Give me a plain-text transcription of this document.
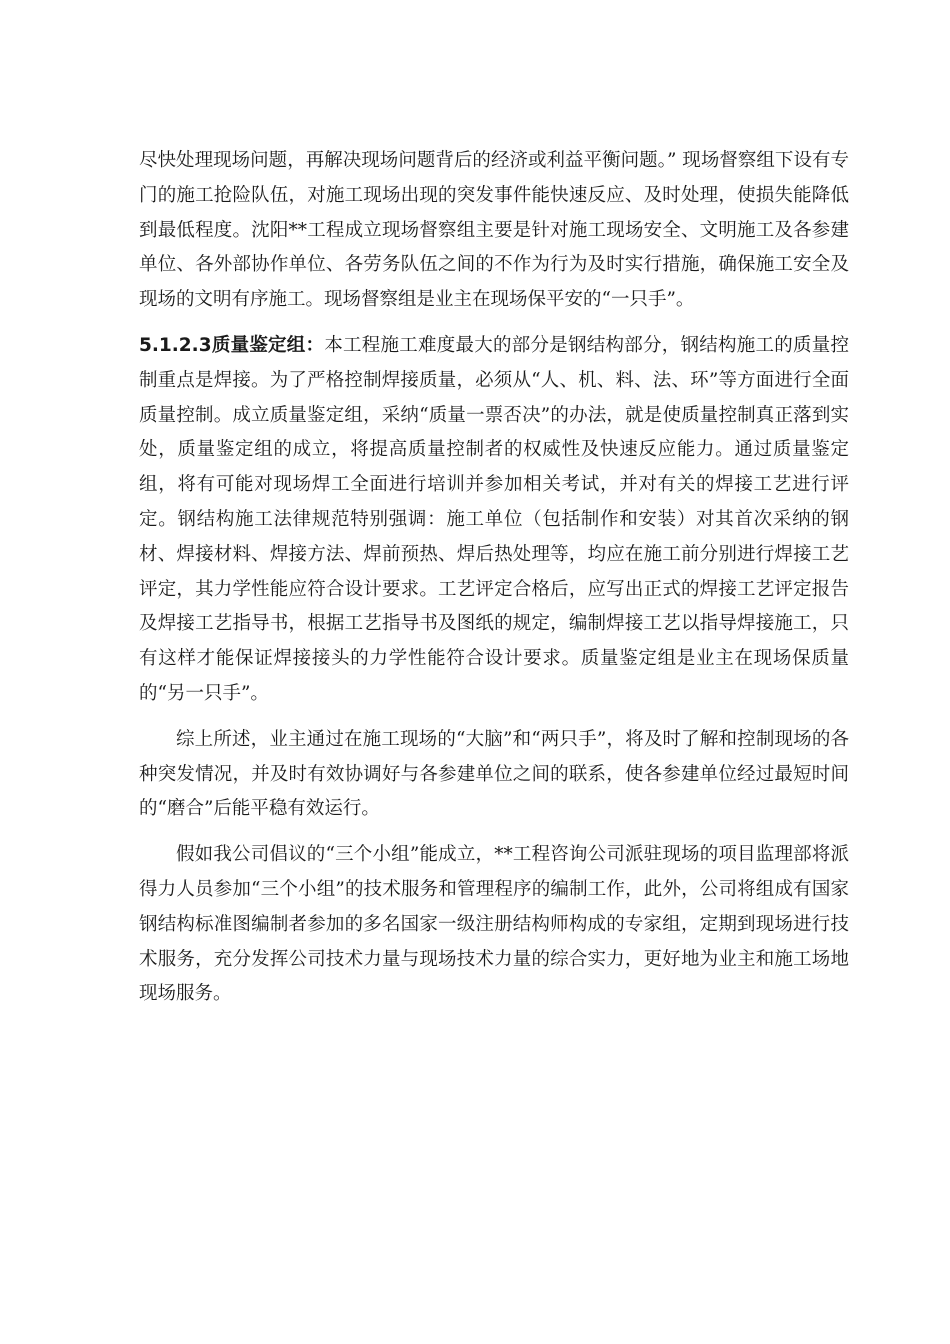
尽快处理现场问题，再解决现场问题背后的经济或利益平衡问题。” 现场督察组下设有专门的施工抢险队伍，对施工现场出现的突发事件能快速反应、及时处理，使损失能降低到最低程度。沈阳**工程成立现场督察组主要是针对施工现场安全、文明施工及各参建单位、各外部协作单位、各劳务队伍之间的不作为行为及时实行措施，确保施工安全及现场的文明有序施工。现场督察组是业主在现场保平安的“一只手”。

5.1.2.3质量鉴定组：本工程施工难度最大的部分是钢结构部分，钢结构施工的质量控制重点是焊接。为了严格控制焊接质量，必须从“人、机、料、法、环”等方面进行全面质量控制。成立质量鉴定组，采纳“质量一票否决”的办法，就是使质量控制真正落到实处，质量鉴定组的成立，将提高质量控制者的权威性及快速反应能力。通过质量鉴定组，将有可能对现场焊工全面进行培训并参加相关考试，并对有关的焊接工艺进行评定。钢结构施工法律规范特别强调：施工单位（包括制作和安装）对其首次采纳的钢材、焊接材料、焊接方法、焊前预热、焊后热处理等，均应在施工前分别进行焊接工艺评定，其力学性能应符合设计要求。工艺评定合格后，应写出正式的焊接工艺评定报告及焊接工艺指导书，根据工艺指导书及图纸的规定，编制焊接工艺以指导焊接施工，只有这样才能保证焊接接头的力学性能符合设计要求。质量鉴定组是业主在现场保质量的“另一只手”。

综上所述，业主通过在施工现场的“大脑”和“两只手”，将及时了解和控制现场的各种突发情况，并及时有效协调好与各参建单位之间的联系，使各参建单位经过最短时间的“磨合”后能平稳有效运行。

假如我公司倡议的“三个小组”能成立，**工程咨询公司派驻现场的项目监理部将派得力人员参加“三个小组”的技术服务和管理程序的编制工作，此外，公司将组成有国家钢结构标准图编制者参加的多名国家一级注册结构师构成的专家组，定期到现场进行技术服务，充分发挥公司技术力量与现场技术力量的综合实力，更好地为业主和施工场地现场服务。
